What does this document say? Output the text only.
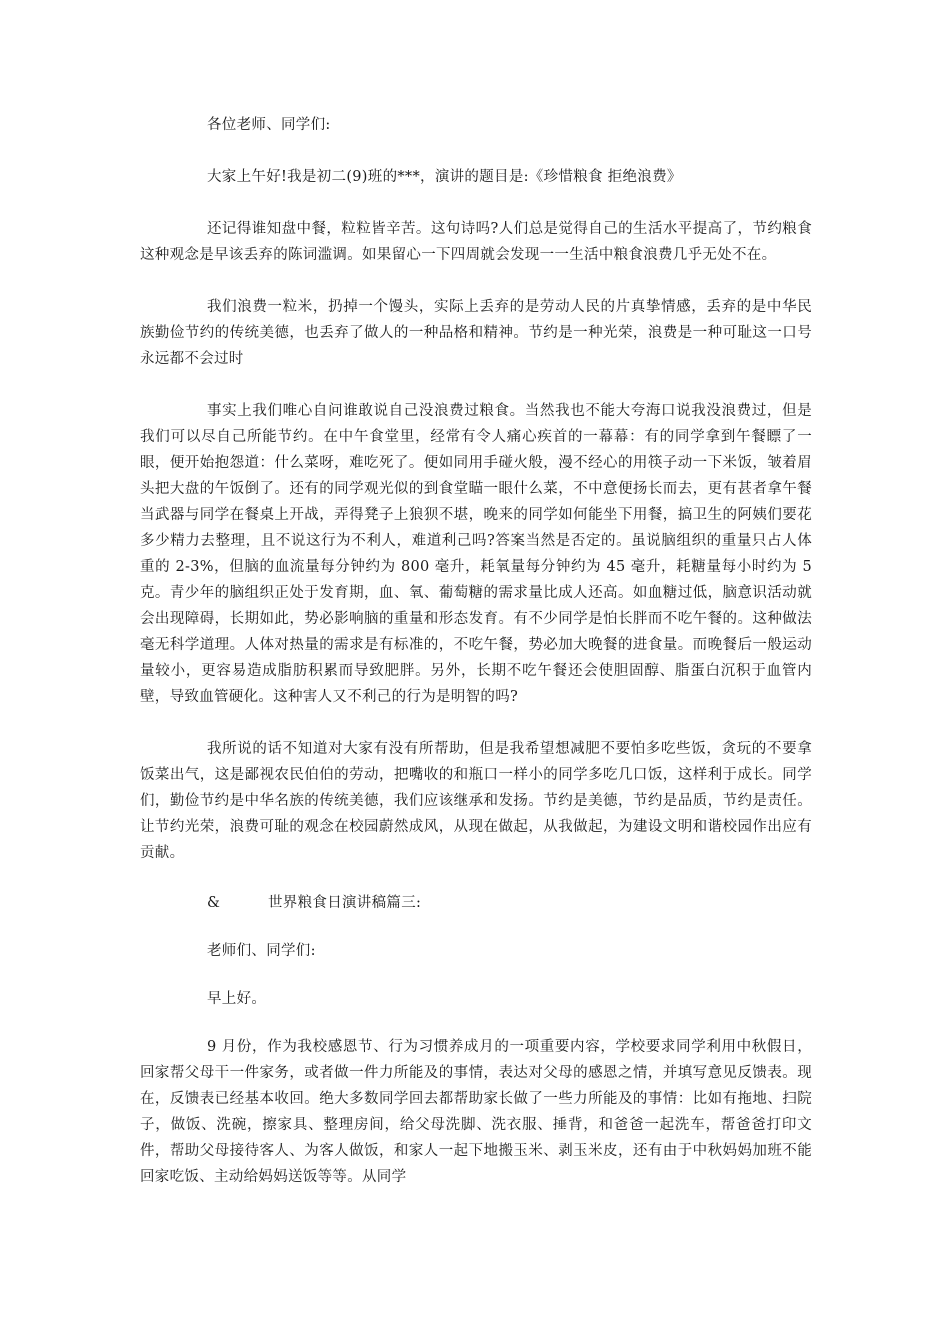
各位老师、同学们:

大家上午好!我是初二(9)班的***，演讲的题目是:《珍惜粮食 拒绝浪费》

还记得谁知盘中餐，粒粒皆辛苦。这句诗吗?人们总是觉得自己的生活水平提高了，节约粮食这种观念是早该丢弃的陈词滥调。如果留心一下四周就会发现一一生活中粮食浪费几乎无处不在。

我们浪费一粒米，扔掉一个馒头，实际上丢弃的是劳动人民的片真挚情感，丢弃的是中华民族勤俭节约的传统美德，也丢弃了做人的一种品格和精神。节约是一种光荣，浪费是一种可耻这一口号永远都不会过时

事实上我们唯心自问谁敢说自己没浪费过粮食。当然我也不能大夸海口说我没浪费过，但是我们可以尽自己所能节约。在中午食堂里，经常有令人痛心疾首的一幕幕：有的同学拿到午餐瞟了一眼，便开始抱怨道：什么菜呀，难吃死了。便如同用手碰火般，漫不经心的用筷子动一下米饭，皱着眉头把大盘的午饭倒了。还有的同学观光似的到食堂瞄一眼什么菜，不中意便扬长而去，更有甚者拿午餐当武器与同学在餐桌上开战，弄得凳子上狼狈不堪，晚来的同学如何能坐下用餐，搞卫生的阿姨们要花多少精力去整理，且不说这行为不利人，难道利己吗?答案当然是否定的。虽说脑组织的重量只占人体重的 2-3%，但脑的血流量每分钟约为 800 毫升，耗氧量每分钟约为 45 毫升，耗糖量每小时约为 5 克。青少年的脑组织正处于发育期，血、氧、葡萄糖的需求量比成人还高。如血糖过低，脑意识活动就会出现障碍，长期如此，势必影响脑的重量和形态发育。有不少同学是怕长胖而不吃午餐的。这种做法毫无科学道理。人体对热量的需求是有标准的，不吃午餐，势必加大晚餐的进食量。而晚餐后一般运动量较小，更容易造成脂肪积累而导致肥胖。另外，长期不吃午餐还会使胆固醇、脂蛋白沉积于血管内壁，导致血管硬化。这种害人又不利己的行为是明智的吗?

我所说的话不知道对大家有没有所帮助，但是我希望想减肥不要怕多吃些饭，贪玩的不要拿饭菜出气，这是鄙视农民伯伯的劳动，把嘴收的和瓶口一样小的同学多吃几口饭，这样利于成长。同学们，勤俭节约是中华名族的传统美德，我们应该继承和发扬。节约是美德，节约是品质，节约是责任。让节约光荣，浪费可耻的观念在校园蔚然成风，从现在做起，从我做起，为建设文明和谐校园作出应有贡献。

&	世界粮食日演讲稿篇三:

老师们、同学们:

早上好。

9 月份，作为我校感恩节、行为习惯养成月的一项重要内容，学校要求同学利用中秋假日，回家帮父母干一件家务，或者做一件力所能及的事情，表达对父母的感恩之情，并填写意见反馈表。现在，反馈表已经基本收回。绝大多数同学回去都帮助家长做了一些力所能及的事情：比如有拖地、扫院子，做饭、洗碗，擦家具、整理房间，给父母洗脚、洗衣服、捶背，和爸爸一起洗车，帮爸爸打印文件，帮助父母接待客人、为客人做饭，和家人一起下地搬玉米、剥玉米皮，还有由于中秋妈妈加班不能回家吃饭、主动给妈妈送饭等等。从同学
